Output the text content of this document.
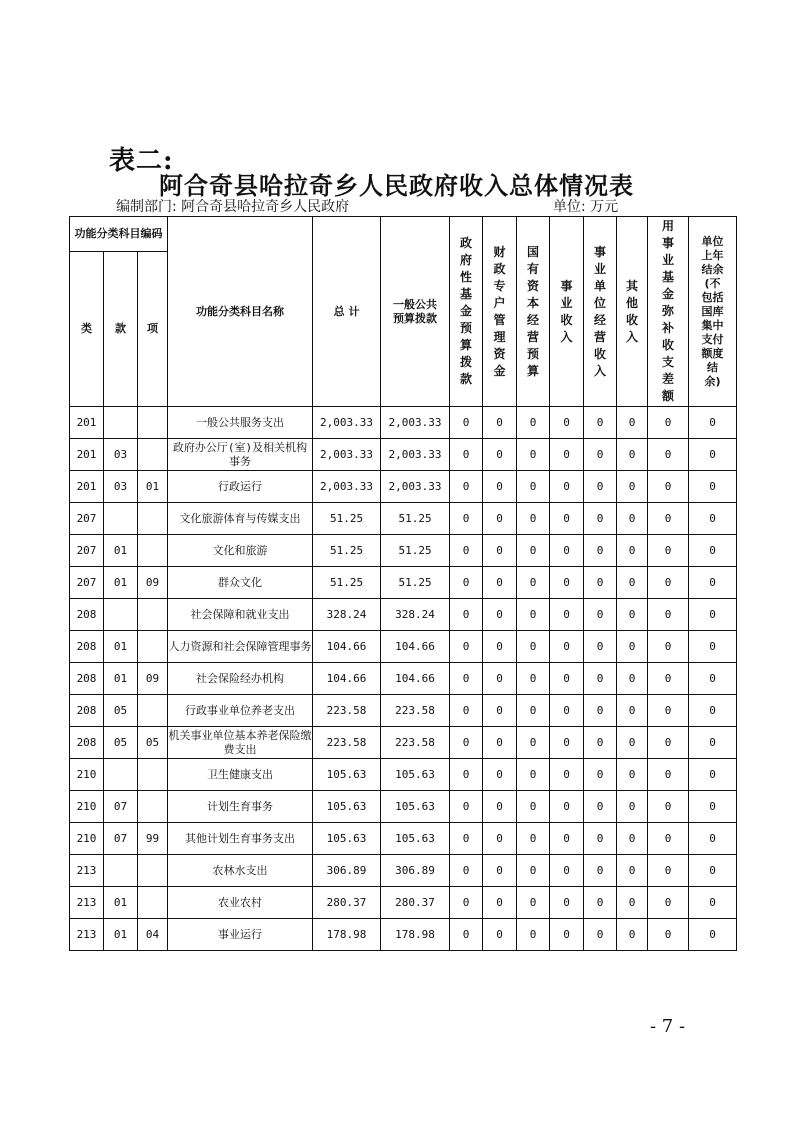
表二:
阿合奇县哈拉奇乡人民政府收入总体情况表
编制部门: 阿合奇县哈拉奇乡人民政府	单位: 万元
功能分类科目编码			功能分类科目名称	总 计	一般公共预算拨款	政府性基金预算拨款	财政专户管理资金	国有资本经营预算	事业收入	事业单位经营收入	其他收入	用事业基金弥补收支差额	单位上年结余(不包括国库集中支付额度结余)
类	款	项											
201			一般公共服务支出	2,003.33	2,003.33	0	0	0	0	0	0	0	0
201	03		政府办公厅(室)及相关机构事务	2,003.33	2,003.33	0	0	0	0	0	0	0	0
201	03	01	行政运行	2,003.33	2,003.33	0	0	0	0	0	0	0	0
207			文化旅游体育与传媒支出	51.25	51.25	0	0	0	0	0	0	0	0
207	01		文化和旅游	51.25	51.25	0	0	0	0	0	0	0	0
207	01	09	群众文化	51.25	51.25	0	0	0	0	0	0	0	0
208			社会保障和就业支出	328.24	328.24	0	0	0	0	0	0	0	0
208	01		人力资源和社会保障管理事务	104.66	104.66	0	0	0	0	0	0	0	0
208	01	09	社会保险经办机构	104.66	104.66	0	0	0	0	0	0	0	0
208	05		行政事业单位养老支出	223.58	223.58	0	0	0	0	0	0	0	0
208	05	05	机关事业单位基本养老保险缴费支出	223.58	223.58	0	0	0	0	0	0	0	0
210			卫生健康支出	105.63	105.63	0	0	0	0	0	0	0	0
210	07		计划生育事务	105.63	105.63	0	0	0	0	0	0	0	0
210	07	99	其他计划生育事务支出	105.63	105.63	0	0	0	0	0	0	0	0
213			农林水支出	306.89	306.89	0	0	0	0	0	0	0	0
213	01		农业农村	280.37	280.37	0	0	0	0	0	0	0	0
213	01	04	事业运行	178.98	178.98	0	0	0	0	0	0	0	0
- 7 -
